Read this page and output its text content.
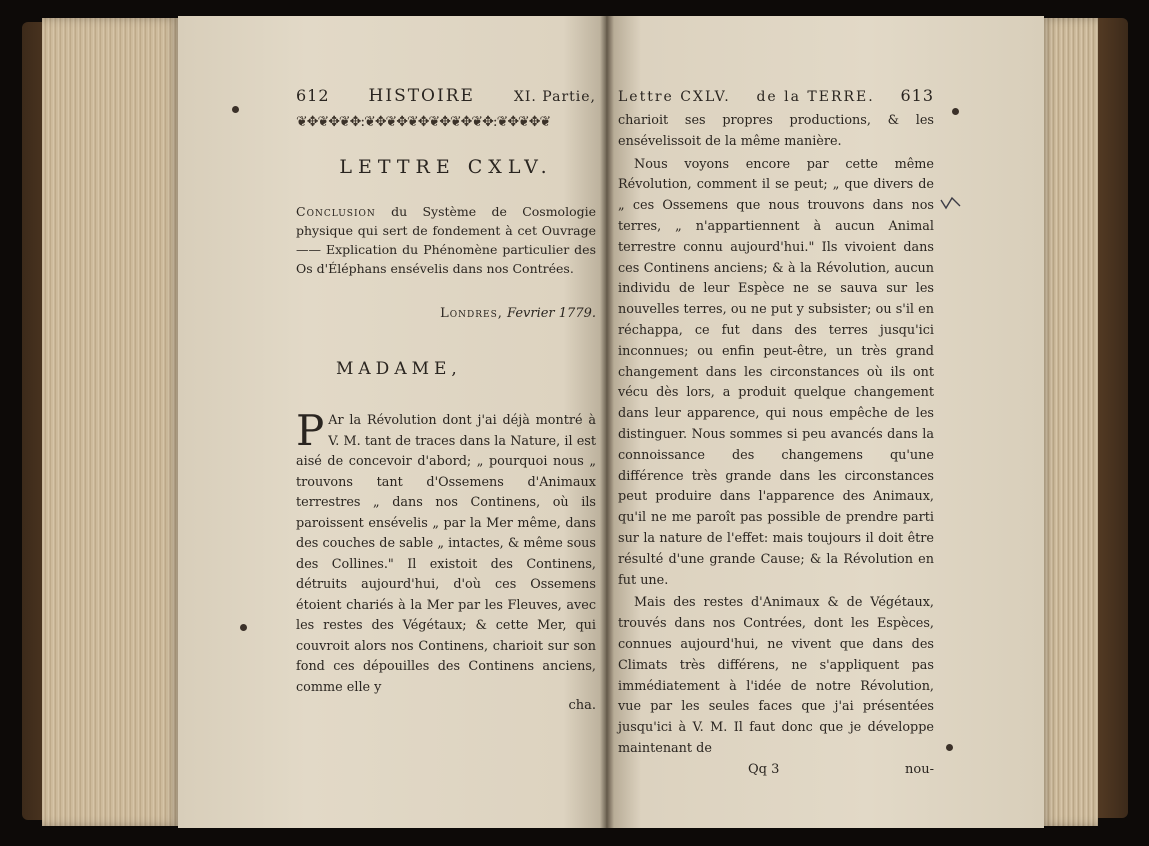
612 HISTOIRE	XI. Partie,
❦✥❦✥❦✥:❦✥❦✥❦✥❦✥❦✥❦✥:❦✥❦✥❦
LETTRE CXLV.
Conclusion du Système de Cosmologie physique qui sert de fondement à cet Ouvrage —— Explication du Phénomène particulier des Os d'Éléphans ensévelis dans nos Contrées.
Londres, Fevrier 1779.
MADAME,
P Ar la Révolution dont j'ai déjà montré à V. M. tant de traces dans la Nature, il est aisé de concevoir d'abord; „ pourquoi nous „ trouvons tant d'Ossemens d'Animaux terrestres „ dans nos Continens, où ils paroissent ensévelis „ par la Mer même, dans des couches de sable „ intactes, & même sous des Collines." Il existoit des Continens, détruits aujourd'hui, d'où ces Ossemens étoient chariés à la Mer par les Fleuves, avec les restes des Végétaux; & cette Mer, qui couvroit alors nos Continens, charioit sur son fond ces dépouilles des Continens anciens, comme elle y
cha.
Lettre CXLV. de la TERRE. 613

charioit ses propres productions, & les ensévelissoit de la même manière.

Nous voyons encore par cette même Révolution, comment il se peut; „ que divers de „ ces Ossemens que nous trouvons dans nos terres, „ n'appartiennent à aucun Animal terrestre connu aujourd'hui." Ils vivoient dans ces Continens anciens; & à la Révolution, aucun individu de leur Espèce ne se sauva sur les nouvelles terres, ou ne put y subsister; ou s'il en réchappa, ce fut dans des terres jusqu'ici inconnues; ou enfin peut-être, un très grand changement dans les circonstances où ils ont vécu dès lors, a produit quelque changement dans leur apparence, qui nous empêche de les distinguer. Nous sommes si peu avancés dans la connoissance des changemens qu'une différence très grande dans les circonstances peut produire dans l'apparence des Animaux, qu'il ne me paroît pas possible de prendre parti sur la nature de l'effet: mais toujours il doit être résulté d'une grande Cause; & la Révolution en fut une.

Mais des restes d'Animaux & de Végétaux, trouvés dans nos Contrées, dont les Espèces, connues aujourd'hui, ne vivent que dans des Climats très différens, ne s'appliquent pas immédiatement à l'idée de notre Révolution, vue par les seules faces que j'ai présentées jusqu'ici à V. M. Il faut donc que je développe maintenant de

Qq 3	nou-
